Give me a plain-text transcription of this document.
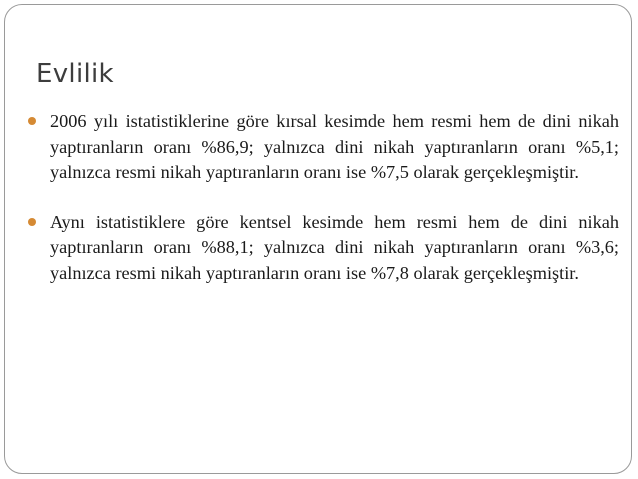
Evlilik
2006 yılı istatistiklerine göre kırsal kesimde hem resmi hem de dini nikah yaptıranların oranı %86,9; yalnızca dini nikah yaptıranların oranı %5,1; yalnızca resmi nikah yaptıranların oranı ise %7,5 olarak gerçekleşmiştir.
Aynı istatistiklere göre kentsel kesimde hem resmi hem de dini nikah yaptıranların oranı %88,1; yalnızca dini nikah yaptıranların oranı %3,6; yalnızca resmi nikah yaptıranların oranı ise %7,8 olarak gerçekleşmiştir.
